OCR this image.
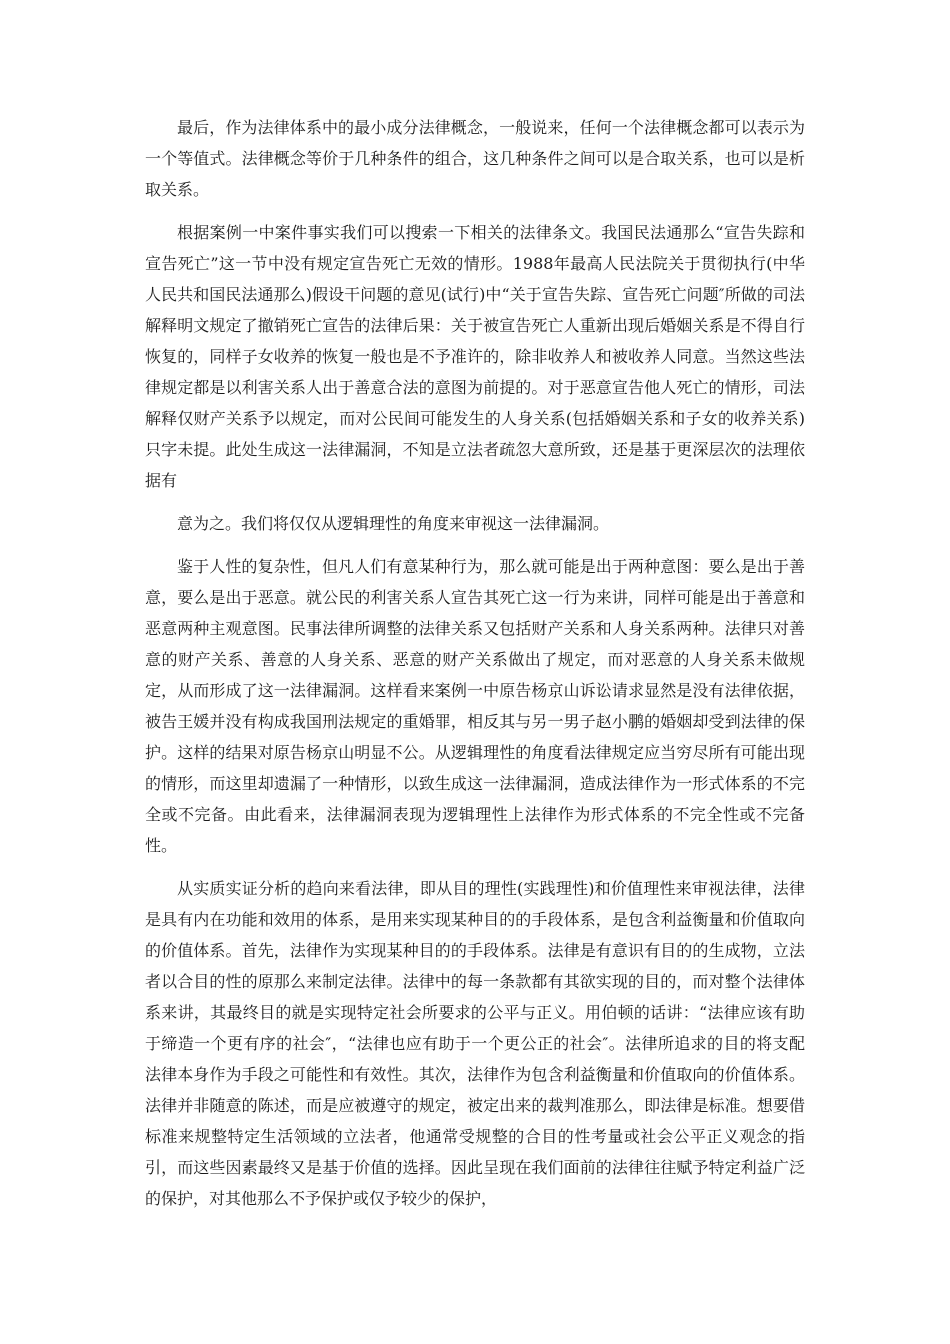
最后，作为法律体系中的最小成分法律概念，一般说来，任何一个法律概念都可以表示为一个等值式。法律概念等价于几种条件的组合，这几种条件之间可以是合取关系，也可以是析取关系。

根据案例一中案件事实我们可以搜索一下相关的法律条文。我国民法通那么“宣告失踪和宣告死亡”这一节中没有规定宣告死亡无效的情形。1988年最高人民法院关于贯彻执行(中华人民共和国民法通那么)假设干问题的意见(试行)中“关于宣告失踪、宣告死亡问题″所做的司法解释明文规定了撤销死亡宣告的法律后果：关于被宣告死亡人重新出现后婚姻关系是不得自行恢复的，同样子女收养的恢复一般也是不予准许的，除非收养人和被收养人同意。当然这些法律规定都是以利害关系人出于善意合法的意图为前提的。对于恶意宣告他人死亡的情形，司法解释仅财产关系予以规定，而对公民间可能发生的人身关系(包括婚姻关系和子女的收养关系)只字未提。此处生成这一法律漏洞，不知是立法者疏忽大意所致，还是基于更深层次的法理依据有

意为之。我们将仅仅从逻辑理性的角度来审视这一法律漏洞。

鉴于人性的复杂性，但凡人们有意某种行为，那么就可能是出于两种意图：要么是出于善意，要么是出于恶意。就公民的利害关系人宣告其死亡这一行为来讲，同样可能是出于善意和恶意两种主观意图。民事法律所调整的法律关系又包括财产关系和人身关系两种。法律只对善意的财产关系、善意的人身关系、恶意的财产关系做出了规定，而对恶意的人身关系未做规定，从而形成了这一法律漏洞。这样看来案例一中原告杨京山诉讼请求显然是没有法律依据，被告王媛并没有构成我国刑法规定的重婚罪，相反其与另一男子赵小鹏的婚姻却受到法律的保护。这样的结果对原告杨京山明显不公。从逻辑理性的角度看法律规定应当穷尽所有可能出现的情形，而这里却遗漏了一种情形，以致生成这一法律漏洞，造成法律作为一形式体系的不完全或不完备。由此看来，法律漏洞表现为逻辑理性上法律作为形式体系的不完全性或不完备性。

从实质实证分析的趋向来看法律，即从目的理性(实践理性)和价值理性来审视法律，法律是具有内在功能和效用的体系，是用来实现某种目的的手段体系，是包含利益衡量和价值取向的价值体系。首先，法律作为实现某种目的的手段体系。法律是有意识有目的的生成物，立法者以合目的性的原那么来制定法律。法律中的每一条款都有其欲实现的目的，而对整个法律体系来讲，其最终目的就是实现特定社会所要求的公平与正义。用伯顿的话讲：“法律应该有助于缔造一个更有序的社会″，“法律也应有助于一个更公正的社会″。法律所追求的目的将支配法律本身作为手段之可能性和有效性。其次，法律作为包含利益衡量和价值取向的价值体系。法律并非随意的陈述，而是应被遵守的规定，被定出来的裁判准那么，即法律是标准。想要借标准来规整特定生活领域的立法者，他通常受规整的合目的性考量或社会公平正义观念的指引，而这些因素最终又是基于价值的选择。因此呈现在我们面前的法律往往赋予特定利益广泛的保护，对其他那么不予保护或仅予较少的保护，
